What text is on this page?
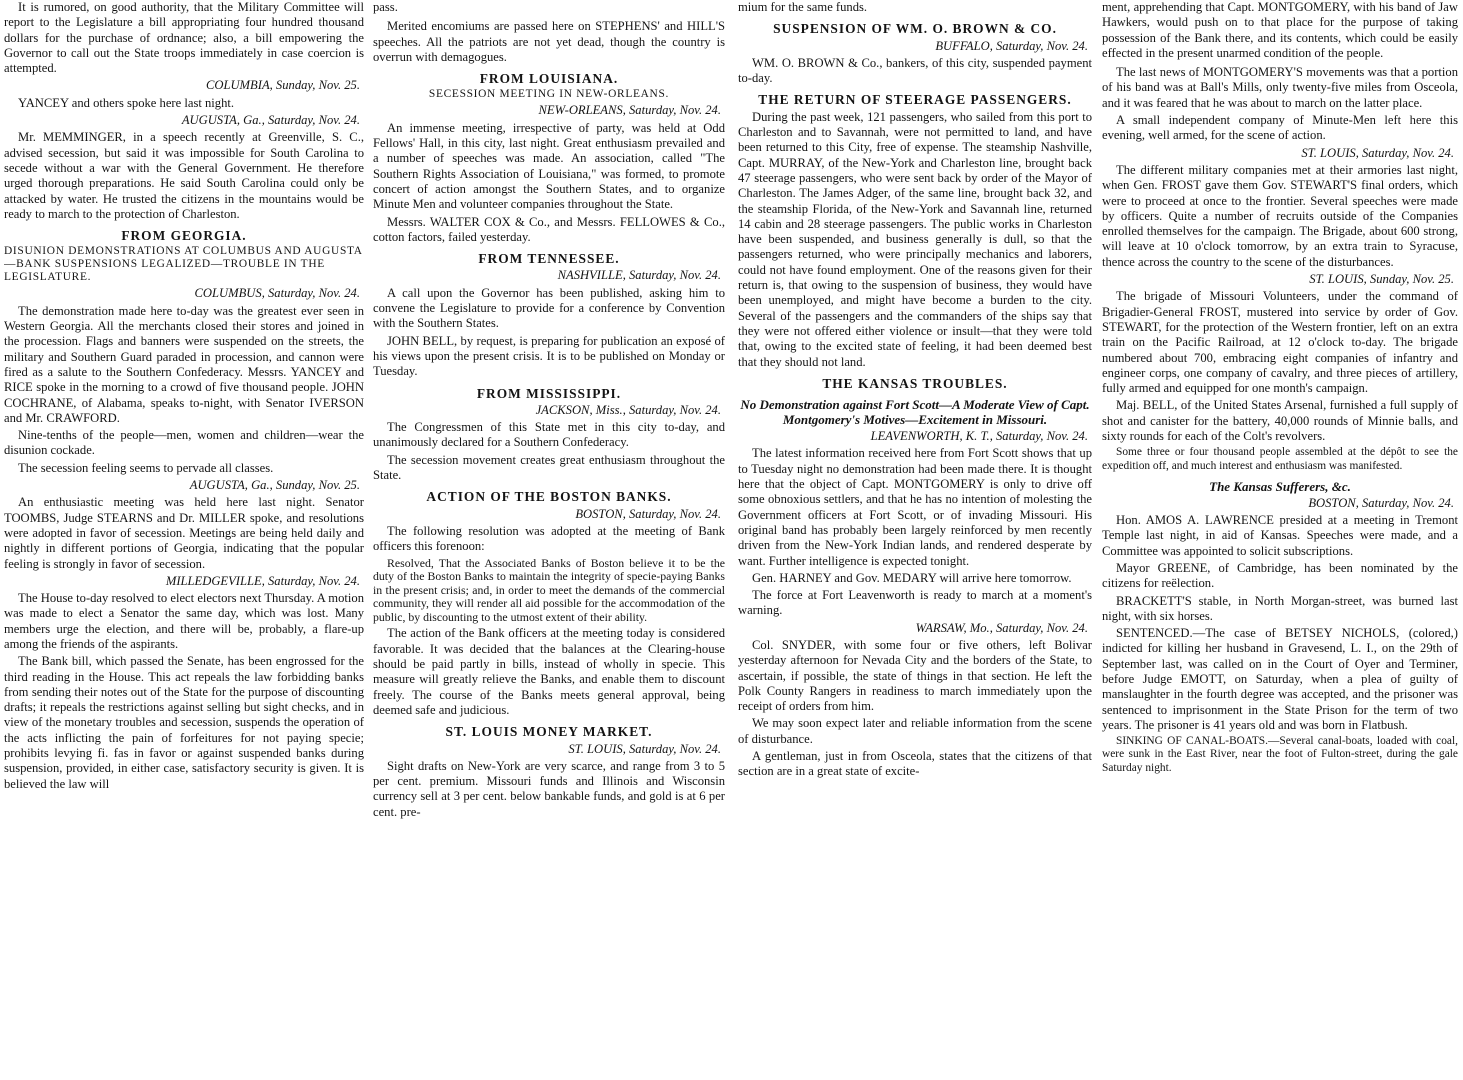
It is rumored, on good authority, that the Military Committee will report to the Legislature a bill appropriating four hundred thousand dollars for the purchase of ordnance; also, a bill empowering the Governor to call out the State troops immediately in case coercion is attempted.
COLUMBIA, Sunday, Nov. 25.
YANCEY and others spoke here last night.
AUGUSTA, Ga., Saturday, Nov. 24.
Mr. MEMMINGER, in a speech recently at Greenville, S. C., advised secession, but said it was impossible for South Carolina to secede without a war with the General Government. He therefore urged thorough preparations. He said South Carolina could only be attacked by water. He trusted the citizens in the mountains would be ready to march to the protection of Charleston.
FROM GEORGIA.
DISUNION DEMONSTRATIONS AT COLUMBUS AND AUGUSTA—BANK SUSPENSIONS LEGALIZED—TROUBLE IN THE LEGISLATURE.
COLUMBUS, Saturday, Nov. 24.
The demonstration made here to-day was the greatest ever seen in Western Georgia. All the merchants closed their stores and joined in the procession. Flags and banners were suspended on the streets, the military and Southern Guard paraded in procession, and cannon were fired as a salute to the Southern Confederacy. Messrs. YANCEY and RICE spoke in the morning to a crowd of five thousand people. JOHN COCHRANE, of Alabama, speaks to-night, with Senator IVERSON and Mr. CRAWFORD.
Nine-tenths of the people—men, women and children—wear the disunion cockade.
The secession feeling seems to pervade all classes.
AUGUSTA, Ga., Sunday, Nov. 25.
An enthusiastic meeting was held here last night. Senator TOOMBS, Judge STEARNS and Dr. MILLER spoke, and resolutions were adopted in favor of secession. Meetings are being held daily and nightly in different portions of Georgia, indicating that the popular feeling is strongly in favor of secession.
MILLEDGEVILLE, Saturday, Nov. 24.
The House to-day resolved to elect electors next Thursday. A motion was made to elect a Senator the same day, which was lost. Many members urge the election, and there will be, probably, a flare-up among the friends of the aspirants.
The Bank bill, which passed the Senate, has been engrossed for the third reading in the House. This act repeals the law forbidding banks from sending their notes out of the State for the purpose of discounting drafts; it repeals the restrictions against selling but sight checks, and in view of the monetary troubles and secession, suspends the operation of the acts inflicting the pain of forfeitures for not paying specie; prohibits levying fi. fas in favor or against suspended banks during suspension, provided, in either case, satisfactory security is given. It is believed the law will
pass.
Merited encomiums are passed here on STEPHENS' and HILL'S speeches. All the patriots are not yet dead, though the country is overrun with demagogues.
FROM LOUISIANA.
SECESSION MEETING IN NEW-ORLEANS.
NEW-ORLEANS, Saturday, Nov. 24.
An immense meeting, irrespective of party, was held at Odd Fellows' Hall, in this city, last night. Great enthusiasm prevailed and a number of speeches was made. An association, called "The Southern Rights Association of Louisiana," was formed, to promote concert of action amongst the Southern States, and to organize Minute Men and volunteer companies throughout the State.
Messrs. WALTER COX & Co., and Messrs. FELLOWES & Co., cotton factors, failed yesterday.
FROM TENNESSEE.
NASHVILLE, Saturday, Nov. 24.
A call upon the Governor has been published, asking him to convene the Legislature to provide for a conference by Convention with the Southern States.
JOHN BELL, by request, is preparing for publication an exposé of his views upon the present crisis. It is to be published on Monday or Tuesday.
FROM MISSISSIPPI.
JACKSON, Miss., Saturday, Nov. 24.
The Congressmen of this State met in this city to-day, and unanimously declared for a Southern Confederacy.
The secession movement creates great enthusiasm throughout the State.
ACTION OF THE BOSTON BANKS.
BOSTON, Saturday, Nov. 24.
The following resolution was adopted at the meeting of Bank officers this forenoon:
Resolved, That the Associated Banks of Boston believe it to be the duty of the Boston Banks to maintain the integrity of specie-paying Banks in the present crisis; and, in order to meet the demands of the commercial community, they will render all aid possible for the accommodation of the public, by discounting to the utmost extent of their ability.
The action of the Bank officers at the meeting today is considered favorable. It was decided that the balances at the Clearing-house should be paid partly in bills, instead of wholly in specie. This measure will greatly relieve the Banks, and enable them to discount freely. The course of the Banks meets general approval, being deemed safe and judicious.
ST. LOUIS MONEY MARKET.
ST. LOUIS, Saturday, Nov. 24.
Sight drafts on New-York are very scarce, and range from 3 to 5 per cent. premium. Missouri funds and Illinois and Wisconsin currency sell at 3 per cent. below bankable funds, and gold is at 6 per cent. pre-
mium for the same funds.
SUSPENSION OF WM. O. BROWN & CO.
BUFFALO, Saturday, Nov. 24.
WM. O. BROWN & Co., bankers, of this city, suspended payment to-day.
THE RETURN OF STEERAGE PASSENGERS.
During the past week, 121 passengers, who sailed from this port to Charleston and to Savannah, were not permitted to land, and have been returned to this City, free of expense. The steamship Nashville, Capt. MURRAY, of the New-York and Charleston line, brought back 47 steerage passengers, who were sent back by order of the Mayor of Charleston. The James Adger, of the same line, brought back 32, and the steamship Florida, of the New-York and Savannah line, returned 14 cabin and 28 steerage passengers. The public works in Charleston have been suspended, and business generally is dull, so that the passengers returned, who were principally mechanics and laborers, could not have found employment. One of the reasons given for their return is, that owing to the suspension of business, they would have been unemployed, and might have become a burden to the city. Several of the passengers and the commanders of the ships say that they were not offered either violence or insult—that they were told that, owing to the excited state of feeling, it had been deemed best that they should not land.
THE KANSAS TROUBLES.
No Demonstration against Fort Scott—A Moderate View of Capt. Montgomery's Motives—Excitement in Missouri.
LEAVENWORTH, K. T., Saturday, Nov. 24.
The latest information received here from Fort Scott shows that up to Tuesday night no demonstration had been made there. It is thought here that the object of Capt. MONTGOMERY is only to drive off some obnoxious settlers, and that he has no intention of molesting the Government officers at Fort Scott, or of invading Missouri. His original band has probably been largely reinforced by men recently driven from the New-York Indian lands, and rendered desperate by want. Further intelligence is expected tonight.
Gen. HARNEY and Gov. MEDARY will arrive here tomorrow.
The force at Fort Leavenworth is ready to march at a moment's warning.
WARSAW, Mo., Saturday, Nov. 24.
Col. SNYDER, with some four or five others, left Bolivar yesterday afternoon for Nevada City and the borders of the State, to ascertain, if possible, the state of things in that section. He left the Polk County Rangers in readiness to march immediately upon the receipt of orders from him.
We may soon expect later and reliable information from the scene of disturbance.
A gentleman, just in from Osceola, states that the citizens of that section are in a great state of excite-
ment, apprehending that Capt. MONTGOMERY, with his band of Jaw Hawkers, would push on to that place for the purpose of taking possession of the Bank there, and its contents, which could be easily effected in the present unarmed condition of the people.
The last news of MONTGOMERY'S movements was that a portion of his band was at Ball's Mills, only twenty-five miles from Osceola, and it was feared that he was about to march on the latter place.
A small independent company of Minute-Men left here this evening, well armed, for the scene of action.
ST. LOUIS, Saturday, Nov. 24.
The different military companies met at their armories last night, when Gen. FROST gave them Gov. STEWART'S final orders, which were to proceed at once to the frontier. Several speeches were made by officers. Quite a number of recruits outside of the Companies enrolled themselves for the campaign. The Brigade, about 600 strong, will leave at 10 o'clock tomorrow, by an extra train to Syracuse, thence across the country to the scene of the disturbances.
ST. LOUIS, Sunday, Nov. 25.
The brigade of Missouri Volunteers, under the command of Brigadier-General FROST, mustered into service by order of Gov. STEWART, for the protection of the Western frontier, left on an extra train on the Pacific Railroad, at 12 o'clock to-day. The brigade numbered about 700, embracing eight companies of infantry and engineer corps, one company of cavalry, and three pieces of artillery, fully armed and equipped for one month's campaign.
Maj. BELL, of the United States Arsenal, furnished a full supply of shot and canister for the battery, 40,000 rounds of Minnie balls, and sixty rounds for each of the Colt's revolvers.
Some three or four thousand people assembled at the dépôt to see the expedition off, and much interest and enthusiasm was manifested.
The Kansas Sufferers, &c.
BOSTON, Saturday, Nov. 24.
Hon. AMOS A. LAWRENCE presided at a meeting in Tremont Temple last night, in aid of Kansas. Speeches were made, and a Committee was appointed to solicit subscriptions.
Mayor GREENE, of Cambridge, has been nominated by the citizens for reëlection.
BRACKETT'S stable, in North Morgan-street, was burned last night, with six horses.
SENTENCED.—The case of BETSEY NICHOLS, (colored,) indicted for killing her husband in Gravesend, L. I., on the 29th of September last, was called on in the Court of Oyer and Terminer, before Judge EMOTT, on Saturday, when a plea of guilty of manslaughter in the fourth degree was accepted, and the prisoner was sentenced to imprisonment in the State Prison for the term of two years. The prisoner is 41 years old and was born in Flatbush.
SINKING OF CANAL-BOATS.—Several canal-boats, loaded with coal, were sunk in the East River, near the foot of Fulton-street, during the gale Saturday night.
